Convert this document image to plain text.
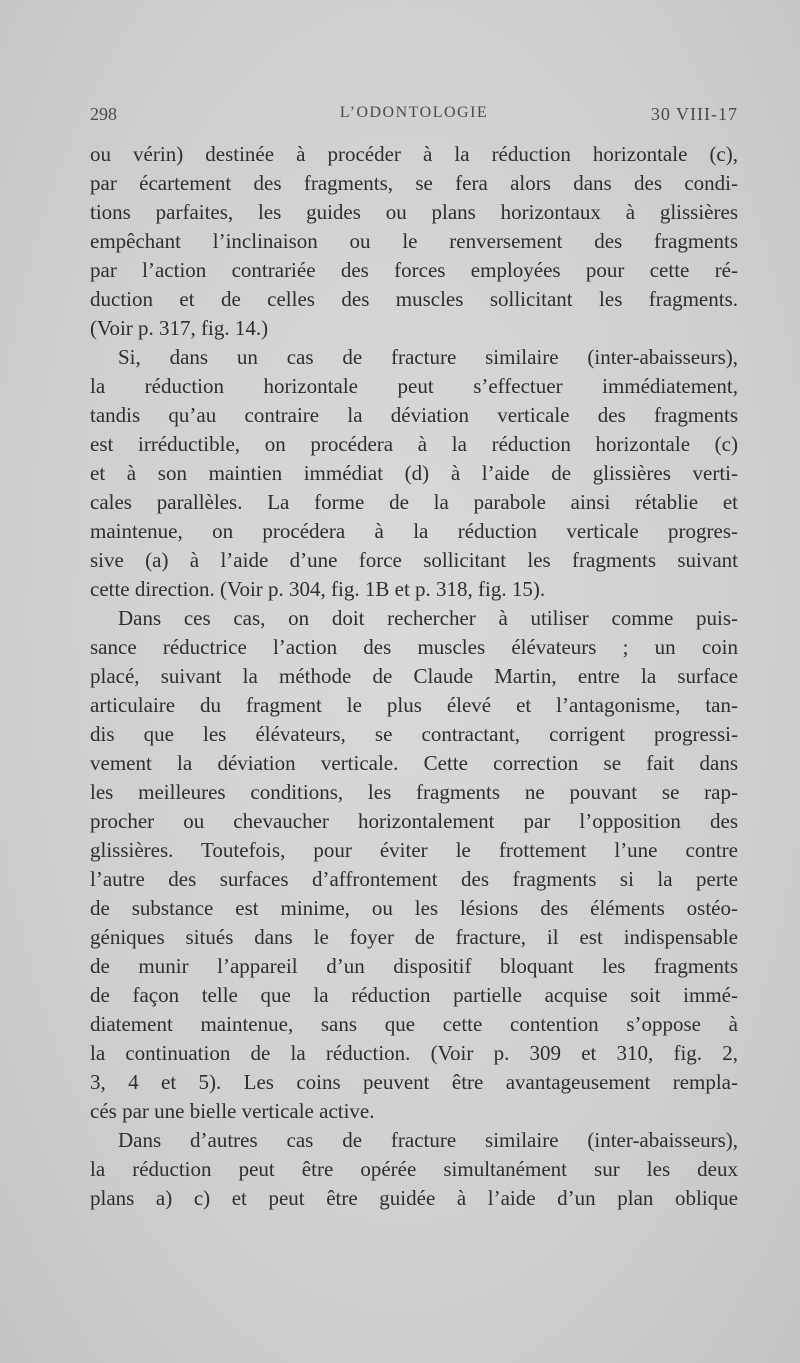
298	L’ODONTOLOGIE	30 VIII-17
ou vérin) destinée à procéder à la réduction horizontale (c),
par écartement des fragments, se fera alors dans des condi-
tions parfaites, les guides ou plans horizontaux à glissières
empêchant l’inclinaison ou le renversement des fragments
par l’action contrariée des forces employées pour cette ré-
duction et de celles des muscles sollicitant les fragments.
(Voir p. 317, fig. 14.)
Si, dans un cas de fracture similaire (inter-abaisseurs),
la réduction horizontale peut s’effectuer immédiatement,
tandis qu’au contraire la déviation verticale des fragments
est irréductible, on procédera à la réduction horizontale (c)
et à son maintien immédiat (d) à l’aide de glissières verti-
cales parallèles. La forme de la parabole ainsi rétablie et
maintenue, on procédera à la réduction verticale progres-
sive (a) à l’aide d’une force sollicitant les fragments suivant
cette direction. (Voir p. 304, fig. 1B et p. 318, fig. 15).
Dans ces cas, on doit rechercher à utiliser comme puis-
sance réductrice l’action des muscles élévateurs ; un coin
placé, suivant la méthode de Claude Martin, entre la surface
articulaire du fragment le plus élevé et l’antagonisme, tan-
dis que les élévateurs, se contractant, corrigent progressi-
vement la déviation verticale. Cette correction se fait dans
les meilleures conditions, les fragments ne pouvant se rap-
procher ou chevaucher horizontalement par l’opposition des
glissières. Toutefois, pour éviter le frottement l’une contre
l’autre des surfaces d’affrontement des fragments si la perte
de substance est minime, ou les lésions des éléments ostéo-
géniques situés dans le foyer de fracture, il est indispensable
de munir l’appareil d’un dispositif bloquant les fragments
de façon telle que la réduction partielle acquise soit immé-
diatement maintenue, sans que cette contention s’oppose à
la continuation de la réduction. (Voir p. 309 et 310, fig. 2,
3, 4 et 5). Les coins peuvent être avantageusement rempla-
cés par une bielle verticale active.
Dans d’autres cas de fracture similaire (inter-abaisseurs),
la réduction peut être opérée simultanément sur les deux
plans a) c) et peut être guidée à l’aide d’un plan oblique
